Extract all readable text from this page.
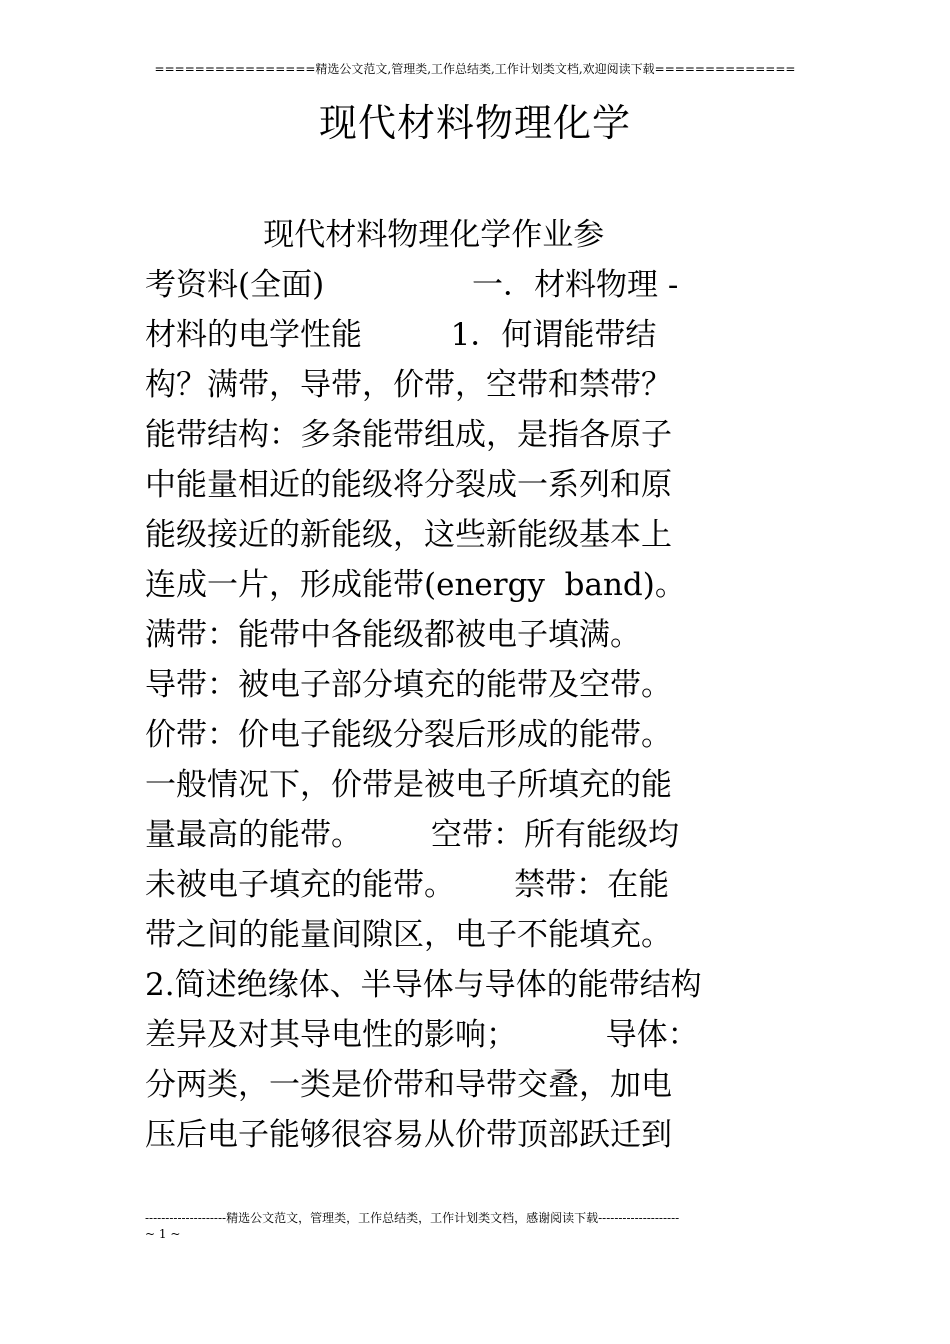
================精选公文范文,管理类,工作总结类,工作计划类文档,欢迎阅读下载==============
现代材料物理化学
现代材料物理化学作业参
考资料(全面)               一．材料物理 -
材料的电学性能         1．何谓能带结
构？满带，导带，价带，空带和禁带？
能带结构：多条能带组成，是指各原子
中能量相近的能级将分裂成一系列和原
能级接近的新能级，这些新能级基本上
连成一片，形成能带(energy  band)。
满带：能带中各能级都被电子填满。
导带：被电子部分填充的能带及空带。
价带：价电子能级分裂后形成的能带。
一般情况下，价带是被电子所填充的能
量最高的能带。       空带：所有能级均
未被电子填充的能带。      禁带：在能
带之间的能量间隙区，电子不能填充。
2.简述绝缘体、半导体与导体的能带结构
差异及对其导电性的影响；         导体：
分两类，一类是价带和导带交叠，加电
压后电子能够很容易从价带顶部跃迁到
--------------------精选公文范文，管理类，工作总结类，工作计划类文档，感谢阅读下载--------------------
~ 1 ~
